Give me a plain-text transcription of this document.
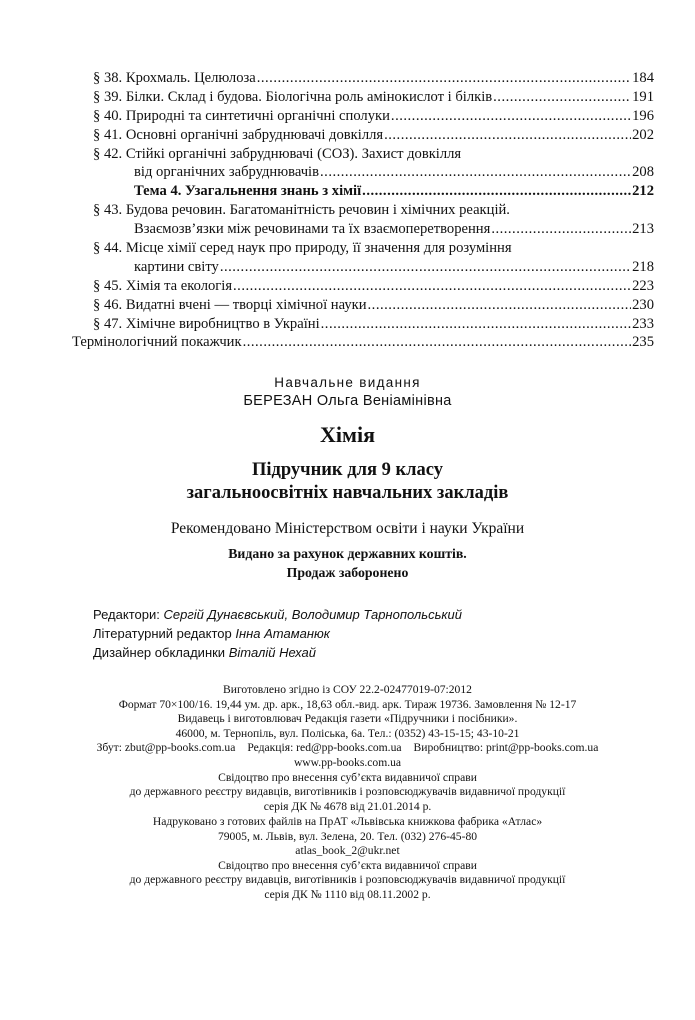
§ 38. Крохмаль. Целюлоза .....	184
§ 39. Білки. Склад і будова. Біологічна роль амінокислот і білків .....	191
§ 40. Природні та синтетичні органічні сполуки .....	196
§ 41. Основні органічні забруднювачі довкілля .....	202
§ 42. Стійкі органічні забруднювачі (СОЗ). Захист довкілля
від органічних забруднювачів .....	208
Тема 4. Узагальнення знань з хімії .....	212
§ 43. Будова речовин. Багатоманітність речовин і хімічних реакцій.
Взаємозв’язки між речовинами та їх взаємоперетворення .....	213
§ 44. Місце хімії серед наук про природу, її значення для розуміння
картини світу .....	218
§ 45. Хімія та екологія .....	223
§ 46. Видатні вчені — творці хімічної науки .....	230
§ 47. Хімічне виробництво в Україні .....	233
Термінологічний покажчик .....	235
Навчальне видання
БЕРЕЗАН Ольга Веніамінівна
Хімія
Підручник для 9 класу
загальноосвітніх навчальних закладів
Рекомендовано Міністерством освіти і науки України
Видано за рахунок державних коштів.
Продаж заборонено
Редактори: Сергій Дунаєвський, Володимир Тарнопольський
Літературний редактор Інна Атаманюк
Дизайнер обкладинки Віталій Нехай
Виготовлено згідно із СОУ 22.2-02477019-07:2012
Формат 70×100/16. 19,44 ум. др. арк., 18,63 обл.-вид. арк. Тираж 19736. Замовлення № 12-17
Видавець і виготовлювач Редакція газети «Підручники і посібники».
46000, м. Тернопіль, вул. Поліська, 6а. Тел.: (0352) 43-15-15; 43-10-21
Збут: zbut@pp-books.com.ua Редакція: red@pp-books.com.ua Виробництво: print@pp-books.com.ua
www.pp-books.com.ua
Свідоцтво про внесення суб’єкта видавничої справи
до державного реєстру видавців, виготівників і розповсюджувачів видавничої продукції
серія ДК № 4678 від 21.01.2014 р.
Надруковано з готових файлів на ПрАТ «Львівська книжкова фабрика «Атлас»
79005, м. Львів, вул. Зелена, 20. Тел. (032) 276-45-80
atlas_book_2@ukr.net
Свідоцтво про внесення суб’єкта видавничої справи
до державного реєстру видавців, виготівників і розповсюджувачів видавничої продукції
серія ДК № 1110 від 08.11.2002 р.
